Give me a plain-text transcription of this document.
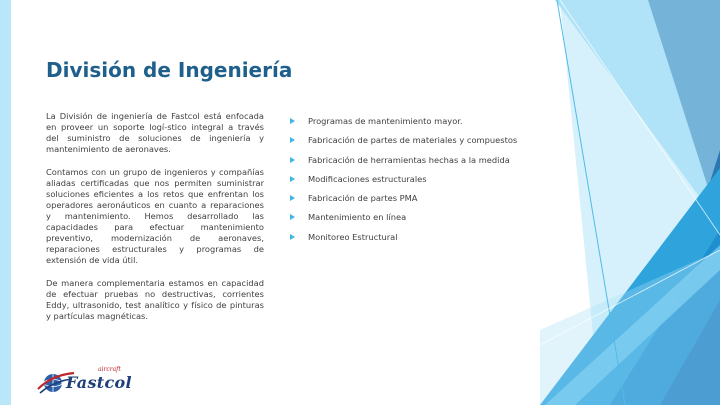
División de Ingeniería

La División de ingeniería de Fastcol está enfocada en proveer un soporte logí-stico integral a través del suministro de soluciones de ingeniería y mantenimiento de aeronaves.

Contamos con un grupo de ingenieros y compañías aliadas certificadas que nos permiten suministrar soluciones eficientes a los retos que enfrentan los operadores aeronáuticos en cuanto a reparaciones y mantenimiento. Hemos desarrollado las capacidades para efectuar mantenimiento preventivo, modernización de aeronaves, reparaciones estructurales y programas de extensión de vida útil.

De manera complementaria estamos en capacidad de efectuar pruebas no destructivas, corrientes Eddy, ultrasonido, test analítico y físico de pinturas y partículas magnéticas.

Programas de mantenimiento mayor.
Fabricación de partes de materiales y compuestos
Fabricación de herramientas hechas a la medida
Modificaciones estructurales
Fabricación de partes PMA
Mantenimiento en línea
Monitoreo Estructural
aircraft
Fastcol
